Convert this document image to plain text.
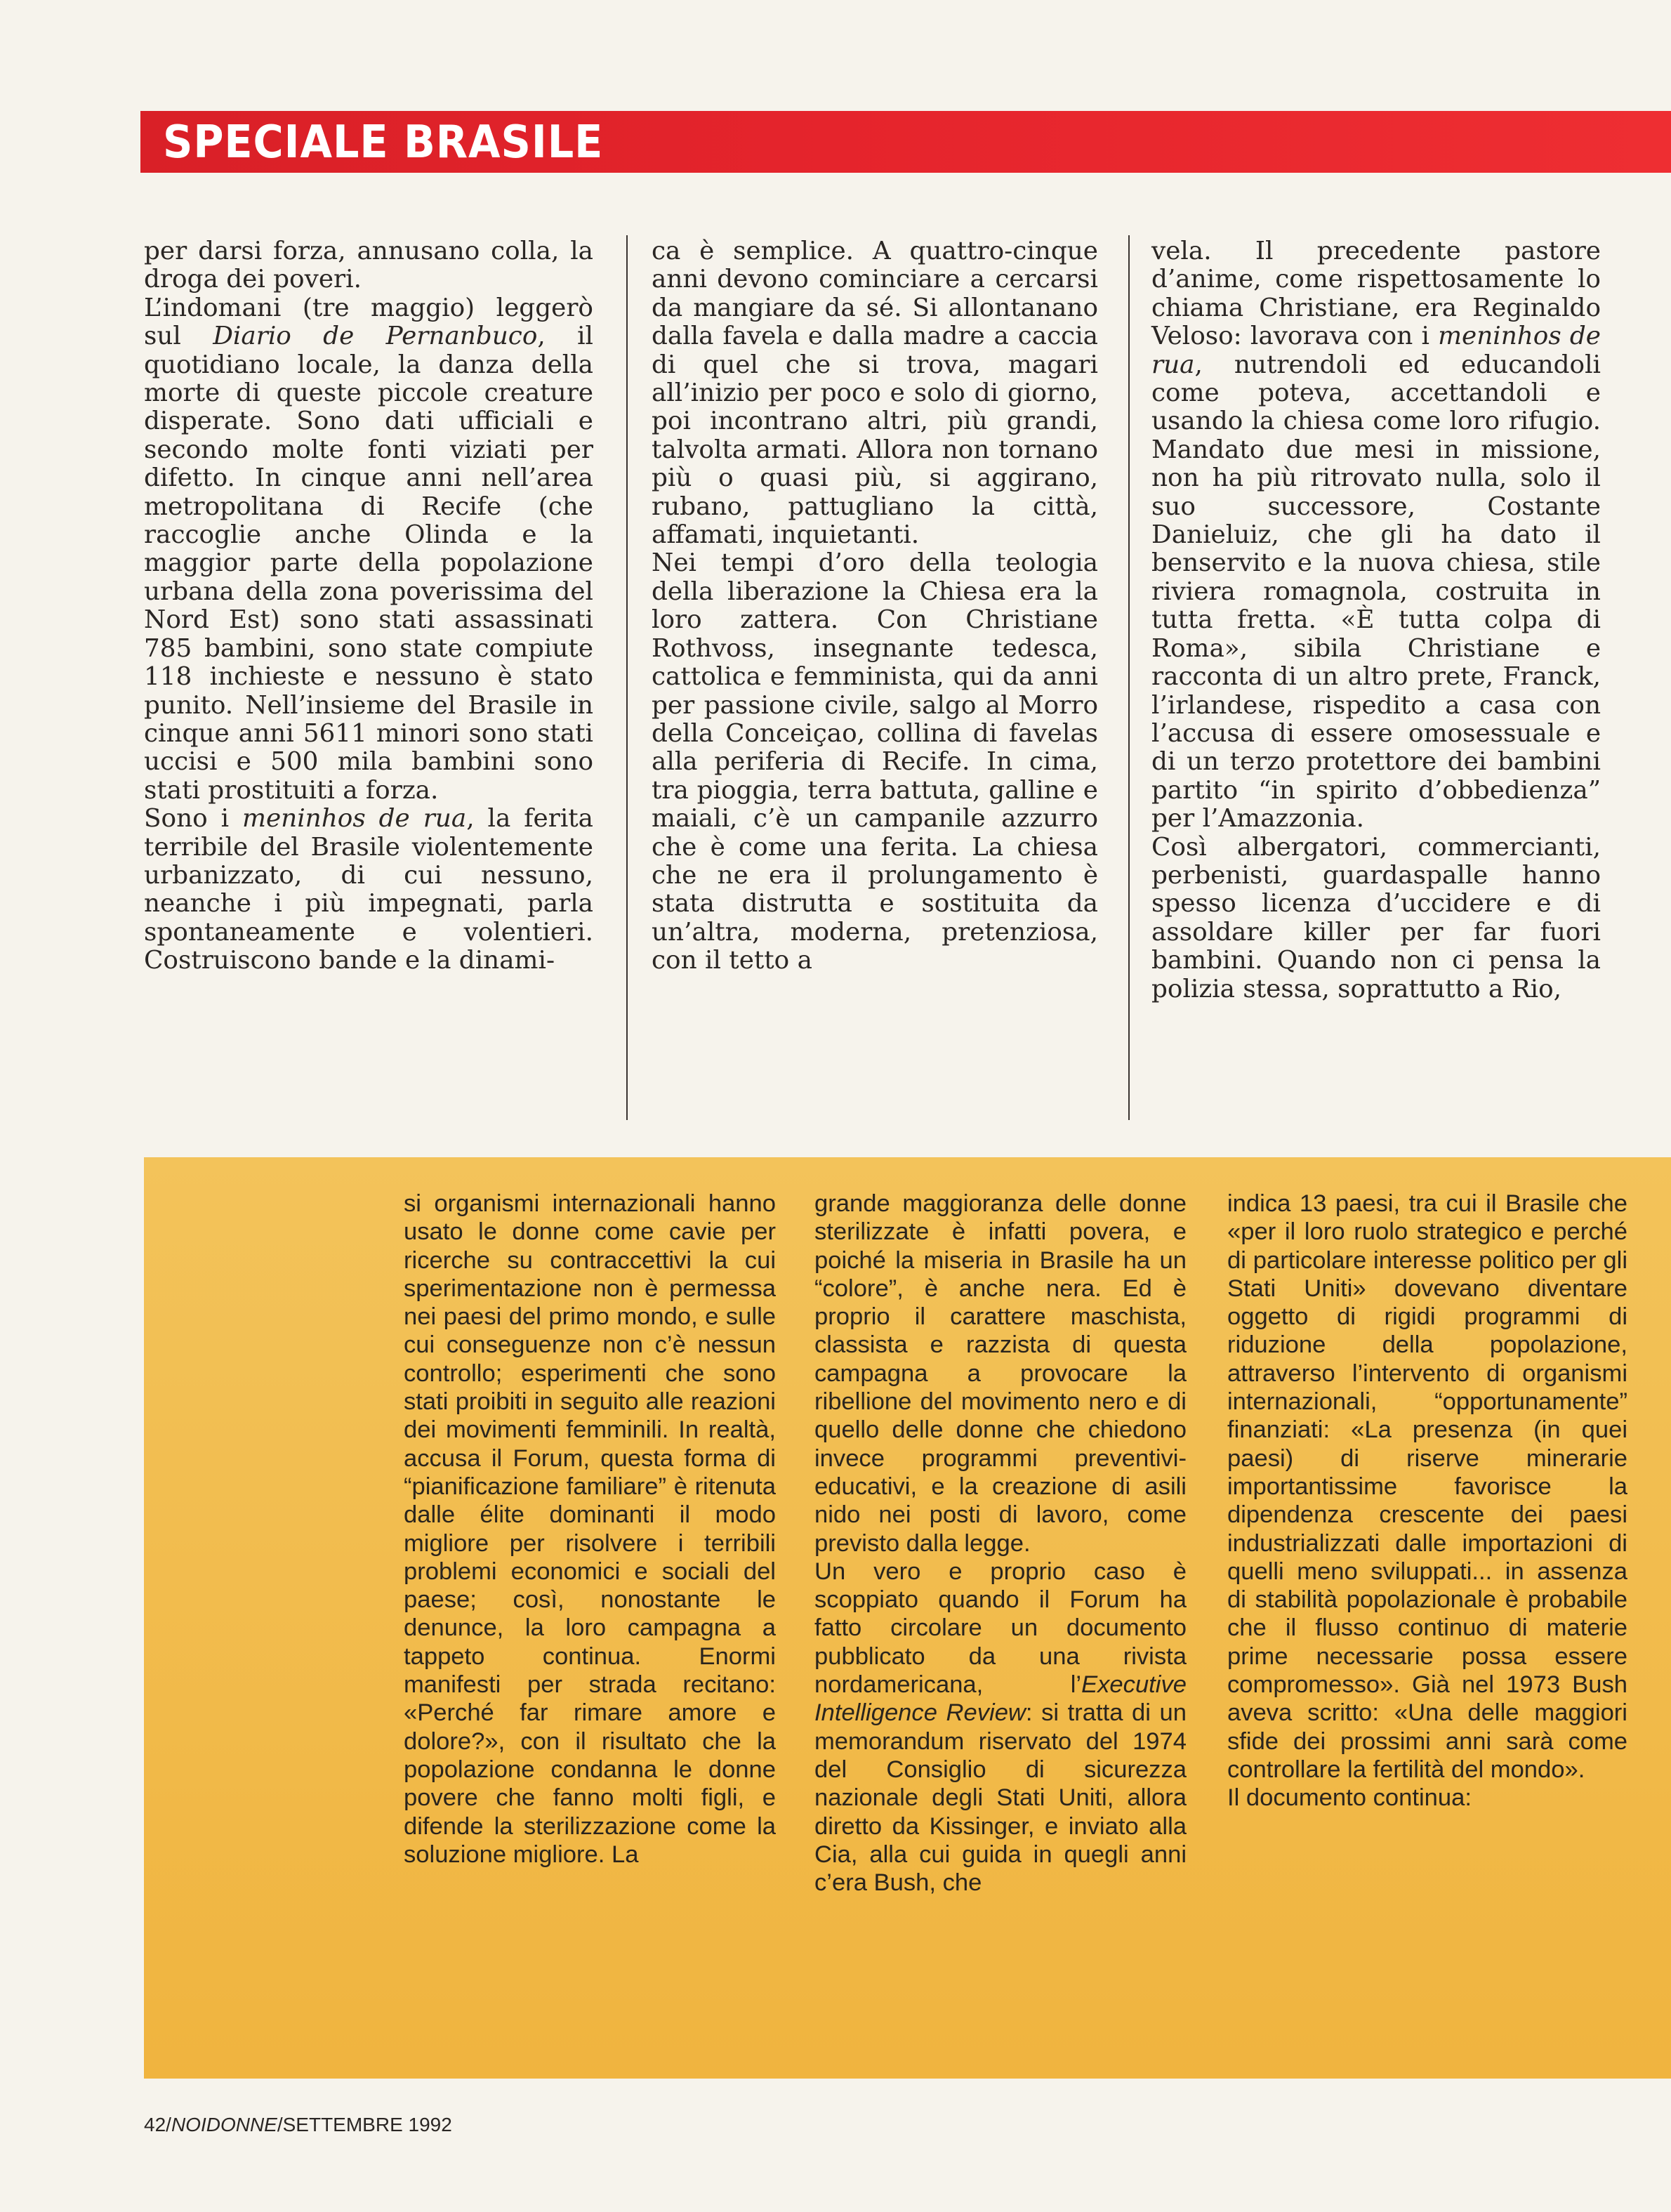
SPECIALE BRASILE

per darsi forza, annusano colla, la droga dei poveri.

L’indomani (tre maggio) leggerò sul Diario de Pernanbuco, il quotidiano locale, la danza della morte di queste piccole creature disperate. Sono dati ufficiali e secondo molte fonti viziati per difetto. In cinque anni nell’area metropolitana di Recife (che raccoglie anche Olinda e la maggior parte della popolazione urbana della zona poverissima del Nord Est) sono stati assassinati 785 bambini, sono state compiute 118 inchieste e nessuno è stato punito. Nell’insieme del Brasile in cinque anni 5611 minori sono stati uccisi e 500 mila bambini sono stati prostituiti a forza.

Sono i meninhos de rua, la ferita terribile del Brasile violentemente urbanizzato, di cui nessuno, neanche i più impegnati, parla spontaneamente e volentieri. Costruiscono bande e la dinami-

ca è semplice. A quattro-cinque anni devono cominciare a cercarsi da mangiare da sé. Si allontanano dalla favela e dalla madre a caccia di quel che si trova, magari all’inizio per poco e solo di giorno, poi incontrano altri, più grandi, talvolta armati. Allora non tornano più o quasi più, si aggirano, rubano, pattugliano la città, affamati, inquietanti.

Nei tempi d’oro della teologia della liberazione la Chiesa era la loro zattera. Con Christiane Rothvoss, insegnante tedesca, cattolica e femminista, qui da anni per passione civile, salgo al Morro della Conceiçao, collina di favelas alla periferia di Recife. In cima, tra pioggia, terra battuta, galline e maiali, c’è un campanile azzurro che è come una ferita. La chiesa che ne era il prolungamento è stata distrutta e sostituita da un’altra, moderna, pretenziosa, con il tetto a

vela. Il precedente pastore d’anime, come rispettosamente lo chiama Christiane, era Reginaldo Veloso: lavorava con i meninhos de rua, nutrendoli ed educandoli come poteva, accettandoli e usando la chiesa come loro rifugio. Mandato due mesi in missione, non ha più ritrovato nulla, solo il suo successore, Costante Danieluiz, che gli ha dato il benservito e la nuova chiesa, stile riviera romagnola, costruita in tutta fretta. «È tutta colpa di Roma», sibila Christiane e racconta di un altro prete, Franck, l’irlandese, rispedito a casa con l’accusa di essere omosessuale e di un terzo protettore dei bambini partito “in spirito d’obbedienza” per l’Amazzonia.

Così albergatori, commercianti, perbenisti, guardaspalle hanno spesso licenza d’uccidere e di assoldare killer per far fuori bambini. Quando non ci pensa la polizia stessa, soprattutto a Rio,

si organismi internazionali hanno usato le donne come cavie per ricerche su contraccettivi la cui sperimentazione non è permessa nei paesi del primo mondo, e sulle cui conseguenze non c’è nessun controllo; esperimenti che sono stati proibiti in seguito alle reazioni dei movimenti femminili. In realtà, accusa il Forum, questa forma di “pianificazione familiare” è ritenuta dalle élite dominanti il modo migliore per risolvere i terribili problemi economici e sociali del paese; così, nonostante le denunce, la loro campagna a tappeto continua. Enormi manifesti per strada recitano: «Perché far rimare amore e dolore?», con il risultato che la popolazione condanna le donne povere che fanno molti figli, e difende la sterilizzazione come la soluzione migliore. La

grande maggioranza delle donne sterilizzate è infatti povera, e poiché la miseria in Brasile ha un “colore”, è anche nera. Ed è proprio il carattere maschista, classista e razzista di questa campagna a provocare la ribellione del movimento nero e di quello delle donne che chiedono invece programmi preventivi-educativi, e la creazione di asili nido nei posti di lavoro, come previsto dalla legge.

Un vero e proprio caso è scoppiato quando il Forum ha fatto circolare un documento pubblicato da una rivista nordamericana, l’Executive Intelligence Review: si tratta di un memorandum riservato del 1974 del Consiglio di sicurezza nazionale degli Stati Uniti, allora diretto da Kissinger, e inviato alla Cia, alla cui guida in quegli anni c’era Bush, che

indica 13 paesi, tra cui il Brasile che «per il loro ruolo strategico e perché di particolare interesse politico per gli Stati Uniti» dovevano diventare oggetto di rigidi programmi di riduzione della popolazione, attraverso l’intervento di organismi internazionali, “opportunamente” finanziati: «La presenza (in quei paesi) di riserve minerarie importantissime favorisce la dipendenza crescente dei paesi industrializzati dalle importazioni di quelli meno sviluppati... in assenza di stabilità popolazionale è probabile che il flusso continuo di materie prime necessarie possa essere compromesso». Già nel 1973 Bush aveva scritto: «Una delle maggiori sfide dei prossimi anni sarà come controllare la fertilità del mondo».

Il documento continua:

42/NOIDONNE/SETTEMBRE 1992
